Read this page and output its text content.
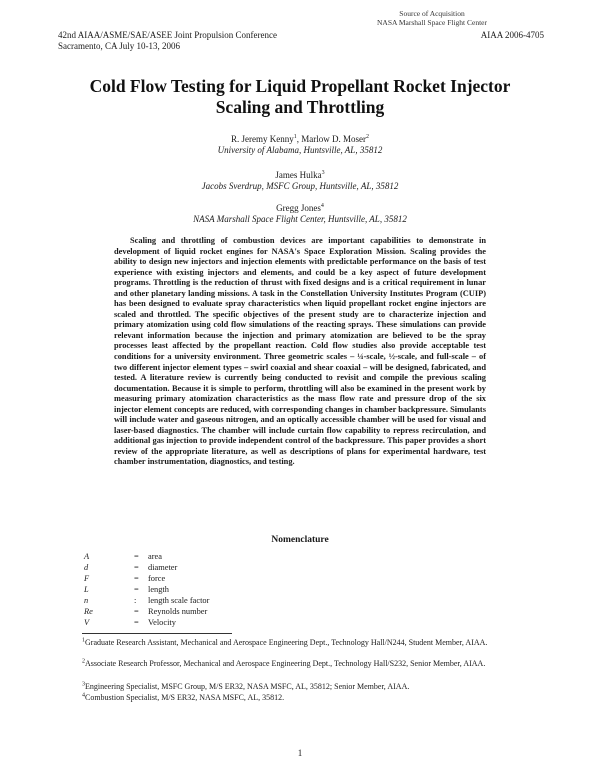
Source of Acquisition
NASA Marshall Space Flight Center
42nd AIAA/ASME/SAE/ASEE Joint Propulsion Conference
Sacramento, CA July 10-13, 2006
AIAA 2006-4705
Cold Flow Testing for Liquid Propellant Rocket Injector
Scaling and Throttling
R. Jeremy Kenny$^1$, Marlow D. Moser$^2$
University of Alabama, Huntsville, AL, 35812
James Hulka$^3$
Jacobs Sverdrup, MSFC Group, Huntsville, AL, 35812
Gregg Jones$^4$
NASA Marshall Space Flight Center, Huntsville, AL, 35812

Scaling and throttling of combustion devices are important capabilities to demonstrate in development of liquid rocket engines for NASA's Space Exploration Mission. Scaling provides the ability to design new injectors and injection elements with predictable performance on the basis of test experience with existing injectors and elements, and could be a key aspect of future development programs. Throttling is the reduction of thrust with fixed designs and is a critical requirement in lunar and other planetary landing missions. A task in the Constellation University Institutes Program (CUIP) has been designed to evaluate spray characteristics when liquid propellant rocket engine injectors are scaled and throttled. The specific objectives of the present study are to characterize injection and primary atomization using cold flow simulations of the reacting sprays. These simulations can provide relevant information because the injection and primary atomization are believed to be the spray processes least affected by the propellant reaction. Cold flow studies also provide acceptable test conditions for a university environment. Three geometric scales – ¼-scale, ½-scale, and full-scale – of two different injector element types – swirl coaxial and shear coaxial – will be designed, fabricated, and tested. A literature review is currently being conducted to revisit and compile the previous scaling documentation. Because it is simple to perform, throttling will also be examined in the present work by measuring primary atomization characteristics as the mass flow rate and pressure drop of the six injector element concepts are reduced, with corresponding changes in chamber backpressure. Simulants will include water and gaseous nitrogen, and an optically accessible chamber will be used for visual and laser-based diagnostics. The chamber will include curtain flow capability to repress recirculation, and additional gas injection to provide independent control of the backpressure. This paper provides a short review of the appropriate literature, as well as descriptions of plans for experimental hardware, test chamber instrumentation, diagnostics, and testing.

Nomenclature
A	=	area
d	=	diameter
F	=	force
L	=	length
n	:	length scale factor
Re	=	Reynolds number
V	=	Velocity
$^1$Graduate Research Assistant, Mechanical and Aerospace Engineering Dept., Technology Hall/N244, Student Member, AIAA.
$^2$Associate Research Professor, Mechanical and Aerospace Engineering Dept., Technology Hall/S232, Senior Member, AIAA.
$^3$Engineering Specialist, MSFC Group, M/S ER32, NASA MSFC, AL, 35812; Senior Member, AIAA.
$^4$Combustion Specialist, M/S ER32, NASA MSFC, AL, 35812.
1
